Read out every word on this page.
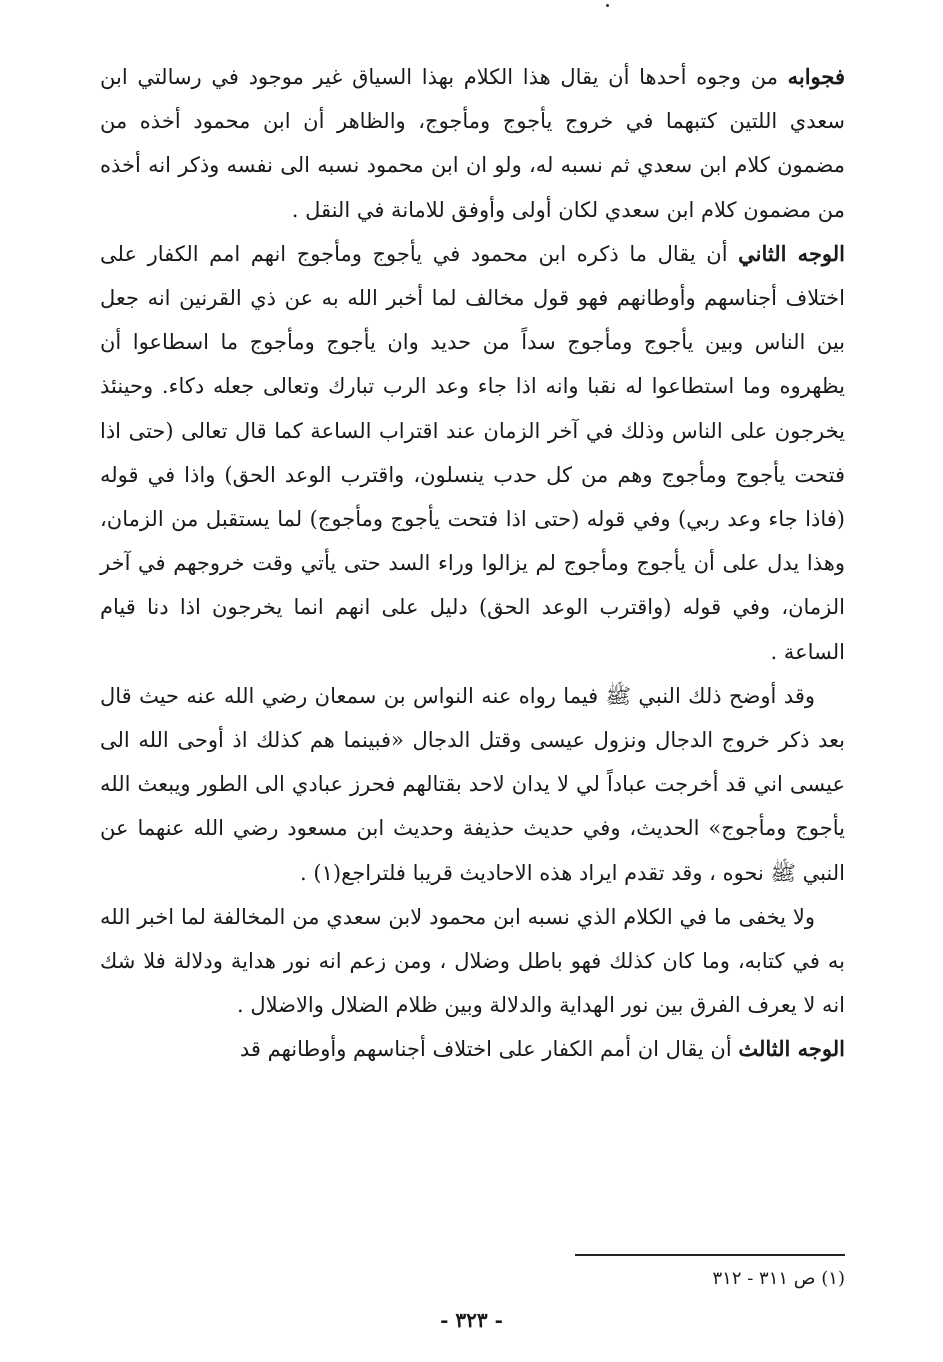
فجوابه من وجوه أحدها أن يقال هذا الكلام بهذا السياق غير موجود في رسالتي ابن سعدي اللتين كتبهما في خروج يأجوج ومأجوج، والظاهر أن ابن محمود أخذه من مضمون كلام ابن سعدي ثم نسبه له، ولو ان ابن محمود نسبه الى نفسه وذكر انه أخذه من مضمون كلام ابن سعدي لكان أولى وأوفق للامانة في النقل .

الوجه الثاني أن يقال ما ذكره ابن محمود في يأجوج ومأجوج انهم امم الكفار على اختلاف أجناسهم وأوطانهم فهو قول مخالف لما أخبر الله به عن ذي القرنين انه جعل بين الناس وبين يأجوج ومأجوج سداً من حديد وان يأجوج ومأجوج ما اسطاعوا أن يظهروه وما استطاعوا له نقبا وانه اذا جاء وعد الرب تبارك وتعالى جعله دكاء. وحينئذ يخرجون على الناس وذلك في آخر الزمان عند اقتراب الساعة كما قال تعالى (حتى اذا فتحت يأجوج ومأجوج وهم من كل حدب ينسلون، واقترب الوعد الحق) واذا في قوله (فاذا جاء وعد ربي) وفي قوله (حتى اذا فتحت يأجوج ومأجوج) لما يستقبل من الزمان، وهذا يدل على أن يأجوج ومأجوج لم يزالوا وراء السد حتى يأتي وقت خروجهم في آخر الزمان، وفي قوله (واقترب الوعد الحق) دليل على انهم انما يخرجون اذا دنا قيام الساعة .

وقد أوضح ذلك النبي ﷺ فيما رواه عنه النواس بن سمعان رضي الله عنه حيث قال بعد ذكر خروج الدجال ونزول عيسى وقتل الدجال «فبينما هم كذلك اذ أوحى الله الى عيسى اني قد أخرجت عباداً لي لا يدان لاحد بقتالهم فحرز عبادي الى الطور ويبعث الله يأجوج ومأجوج» الحديث، وفي حديث حذيفة وحديث ابن مسعود رضي الله عنهما عن النبي ﷺ نحوه ، وقد تقدم ايراد هذه الاحاديث قريبا فلتراجع(١) .

ولا يخفى ما في الكلام الذي نسبه ابن محمود لابن سعدي من المخالفة لما اخبر الله به في كتابه، وما كان كذلك فهو باطل وضلال ، ومن زعم انه نور هداية ودلالة فلا شك انه لا يعرف الفرق بين نور الهداية والدلالة وبين ظلام الضلال والاضلال .

الوجه الثالث أن يقال ان أمم الكفار على اختلاف أجناسهم وأوطانهم قد

(١) ص ٣١١ - ٣١٢
- ٣٢٣ -
